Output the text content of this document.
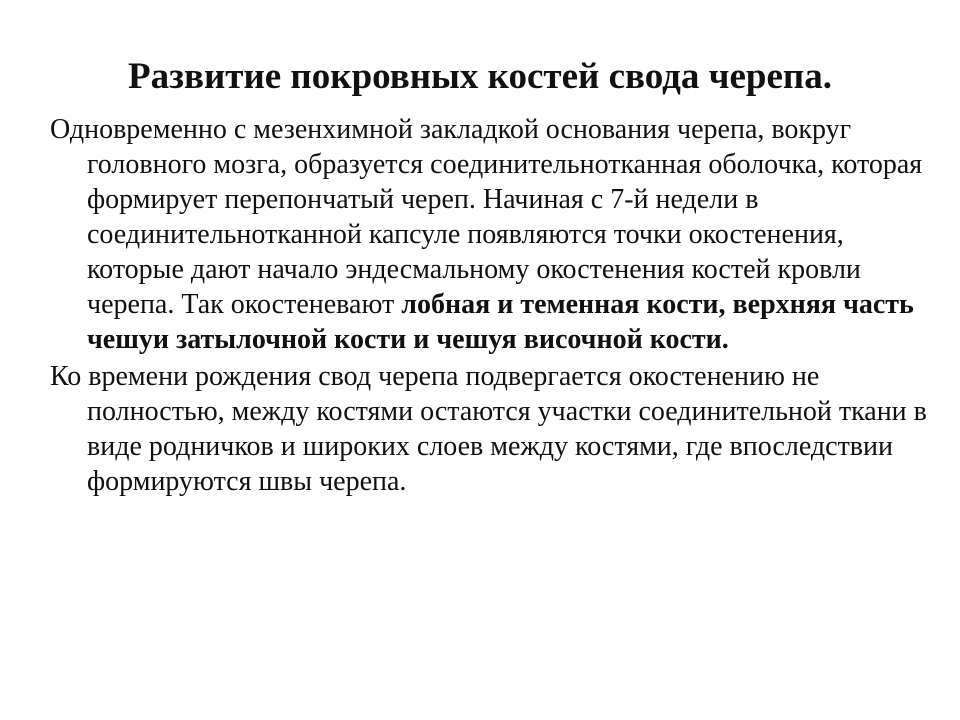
Развитие покровных костей свода черепа.

Одновременно с мезенхимной закладкой основания черепа, вокруг головного мозга, образуется соединительнотканная оболочка, которая формирует перепончатый череп. Начиная с 7-й недели в соединительнотканной капсуле появляются точки окостенения, которые дают начало эндесмальному окостенения костей кровли черепа. Так окостеневают лобная и теменная кости, верхняя часть чешуи затылочной кости и чешуя височной кости.

Ко времени рождения свод черепа подвергается окостенению не полностью, между костями остаются участки соединительной ткани в виде родничков и широких слоев между костями, где впоследствии формируются швы черепа.
